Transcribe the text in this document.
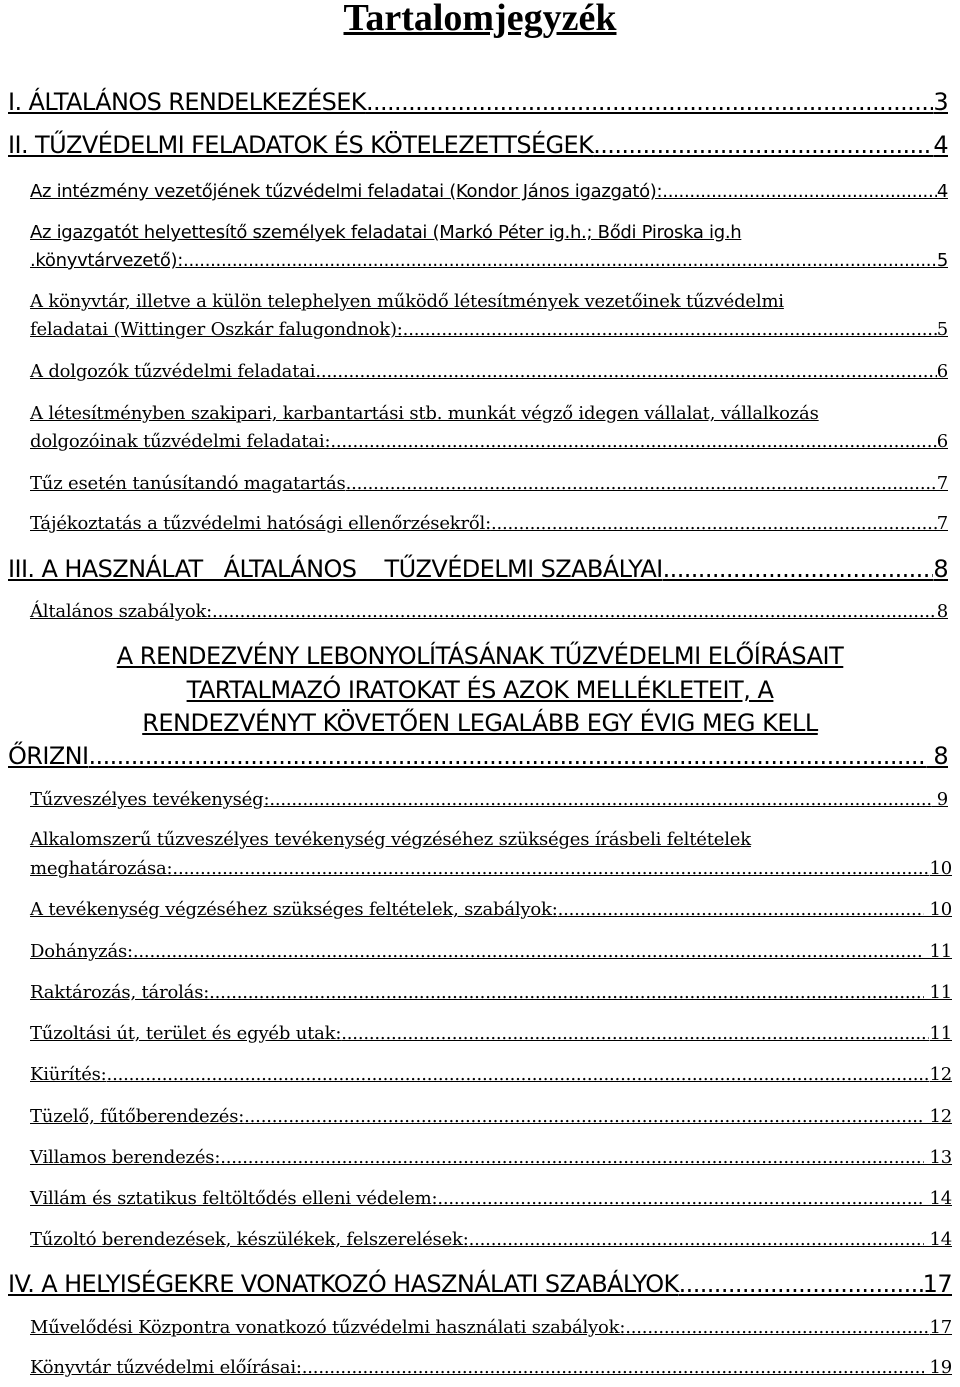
Tartalomjegyzék
I. ÁLTALÁNOS RENDELKEZÉSEK .....	3
II. TŰZVÉDELMI FELADATOK ÉS KÖTELEZETTSÉGEK .....	4
Az intézmény vezetőjének tűzvédelmi feladatai (Kondor János igazgató): .....	4
Az igazgatót helyettesítő személyek feladatai (Markó Péter ig.h.; Bődi Piroska ig.h
.könyvtárvezető): .....	5
A könyvtár, illetve a külön telephelyen működő létesítmények vezetőinek tűzvédelmi
feladatai (Wittinger Oszkár falugondnok): .....	5
A dolgozók tűzvédelmi feladatai .....	6
A létesítményben szakipari, karbantartási stb. munkát végző idegen vállalat, vállalkozás
dolgozóinak tűzvédelmi feladatai: .....	6
Tűz esetén tanúsítandó magatartás .....	7
Tájékoztatás a tűzvédelmi hatósági ellenőrzésekről: .....	7
III. A HASZNÁLAT   ÁLTALÁNOS    TŰZVÉDELMI SZABÁLYAI .....	8
Általános szabályok: .....	8
A RENDEZVÉNY LEBONYOLÍTÁSÁNAK TŰZVÉDELMI ELŐÍRÁSAIT
TARTALMAZÓ IRATOKAT ÉS AZOK MELLÉKLETEIT, A
RENDEZVÉNYT KÖVETŐEN LEGALÁBB EGY ÉVIG MEG KELL
ŐRIZNI .....	8
Tűzveszélyes tevékenység: .....	9
Alkalomszerű tűzveszélyes tevékenység végzéséhez szükséges írásbeli feltételek
meghatározása: .....	10
A tevékenység végzéséhez szükséges feltételek, szabályok: .....	10
Dohányzás: .....	11
Raktározás, tárolás: .....	11
Tűzoltási út, terület és egyéb utak: .....	11
Kiürítés: .....	12
Tüzelő, fűtőberendezés: .....	12
Villamos berendezés: .....	13
Villám és sztatikus feltöltődés elleni védelem: .....	14
Tűzoltó berendezések, készülékek, felszerelések: .....	14
IV. A HELYISÉGEKRE VONATKOZÓ HASZNÁLATI SZABÁLYOK .....	17
Művelődési Központra vonatkozó tűzvédelmi használati szabályok: .....	17
Könyvtár tűzvédelmi előírásai: .....	19
